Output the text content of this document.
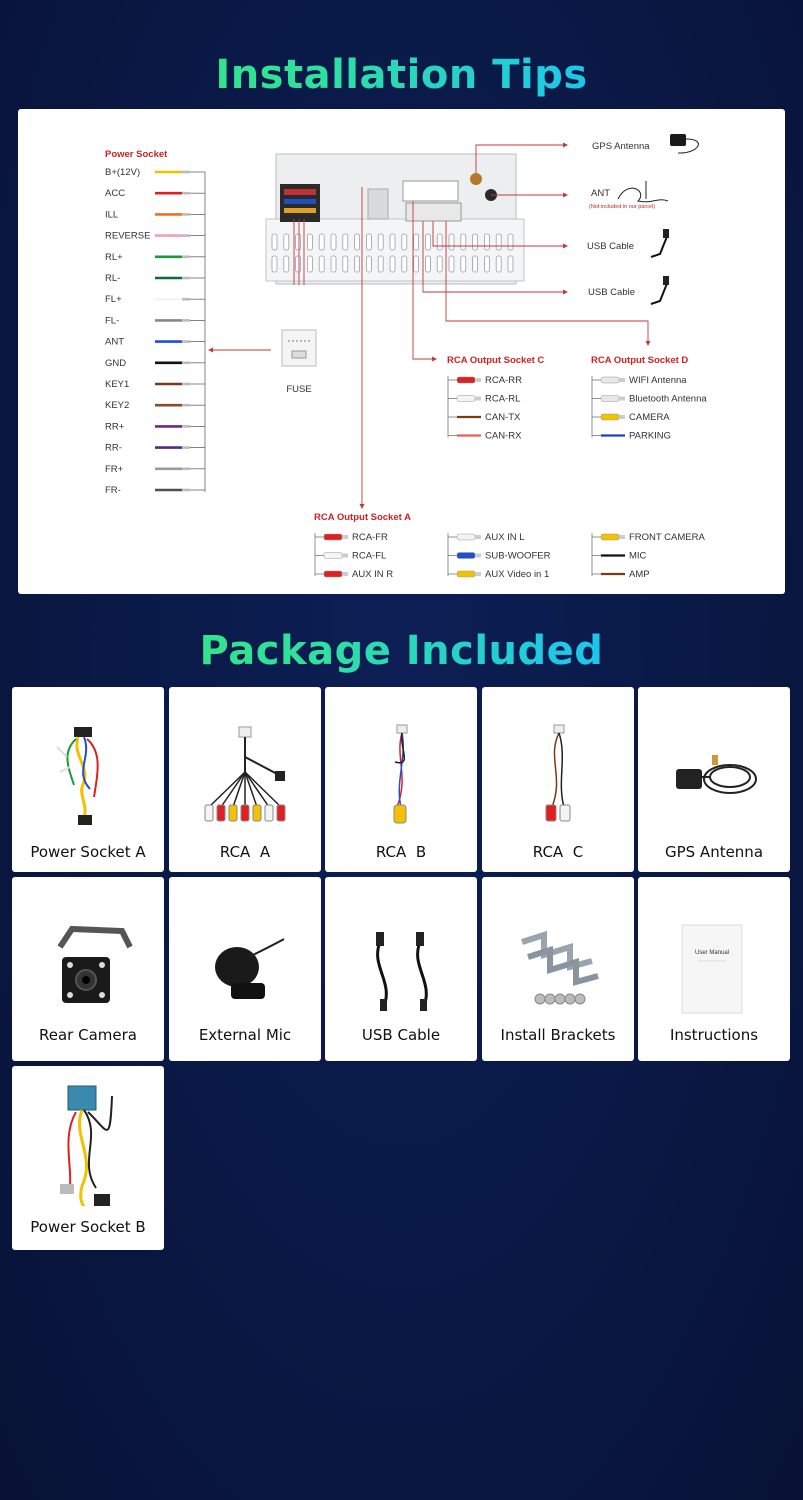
Installation Tips
FUSE
Power Socket
B+(12V)
ACC
ILL
REVERSE
RL+
RL-
FL+
FL-
ANT
GND
KEY1
KEY2
RR+
RR-
FR+
FR-
GPS Antenna
ANT
(Not included in our parcel)
USB Cable
USB Cable
RCA Output Socket C
RCA-RR
RCA-RL
CAN-TX
CAN-RX
RCA Output Socket D
WIFI Antenna
Bluetooth Antenna
CAMERA
PARKING
RCA Output Socket A
RCA-FR
RCA-FL
AUX IN R
AUX IN L
SUB-WOOFER
AUX Video in 1
FRONT CAMERA
MIC
AMP
Package Included
Power Socket A	RCA  A	RCA  B	RCA  C	GPS Antenna
Rear Camera	External Mic	USB Cable	Install Brackets
User Manual
Instructions
Power Socket B
